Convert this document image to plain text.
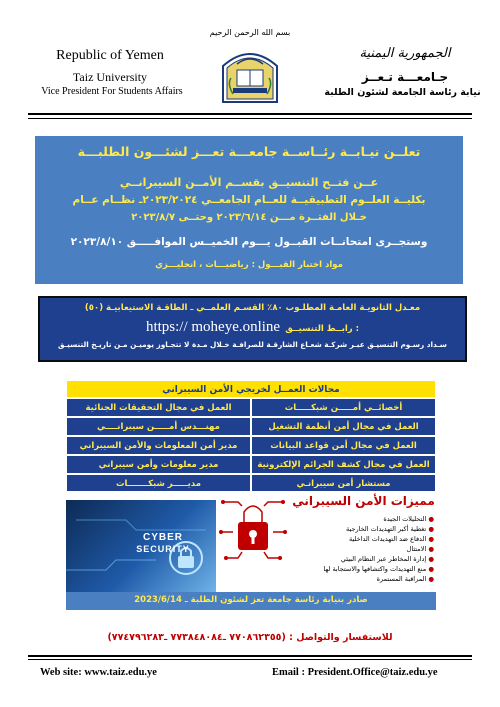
بسم الله الرحمن الرحيم
Republic of Yemen
Taiz University
Vice President For Students Affairs
الجمهورية اليمنية
جـامعـــة تـعــز
نيابة رئاسة الجامعة لشئون الطلبة
تعلــن نيـابــة رئــاســة جامعـــة تعـــز لشئـــون الطلبـــة
عــن فتــح التنسيــق بقســم الأمــن السيبرانــي
بكليــة العلــوم التطبيقيــة للعــام الجامعــي ٢٠٢٣/٢٠٢٤ـ نظــام عــام
خـلال الفتــرة مـــن ٢٠٢٣/٦/١٤ وحتــى ٢٠٢٣/٨/٧
وستجــرى امتحانــات القبــول يـــوم الخميــس الموافـــــق ٢٠٢٣/٨/١٠
مواد اختبار القبـــول : رياضيـــات ، انجليـــزي
معـدل الثانويـة العامـة المطلـوب ٨٠٪ القسـم العلمــي ـ الطاقـة الاستيعابيـة (٥٠)
https:// moheye.online رابــط التنسيــق :
سـداد رسـوم التنسيـق عبـر شركـة شعـاع الشارقـة للصرافـة خـلال مـدة لا تتجـاوز يوميـن مـن تاريـخ التنسيـق
مجالات العمــل لخريجي الأمن السيبراني
أخصائــي أمـــــن شبكـــــات
العمل في مجال التحقيقات الجنائية
العمل في مجال أمن أنظمة التشغيل
مهنـــدس أمـــــن سيبرانــــي
العمل في مجال أمن قواعد البيانات
مدير أمن المعلومات والأمن السيبراني
العمل في مجال كشف الجرائم الإلكترونية
مدير معلومات وأمن سيبراني
مستشار أمن سيبرانـي
مديـــــر شبكـــــــات
CYBER
SECURITY
مميزات الأمن السيبراني
● التحليلات الجيدة
● تغطية أكبر التهديدات الخارجية
● الدفاع ضد التهديدات الداخلية
● الامتثال
● إدارة المخاطر عبر النظام البيئي
● منع التهديدات واكتشافها والاستجابة لها
● المراقبة المستمرة
صادر بنيابة رئاسة جامعة تعز لشئون الطلبة ـ 2023/6/14
للاستفسار والتواصل : (٧٧٠٨٦٢٣٥٥ ـ٧٧٣٨٤٨٠٨٤ ـ٧٧٤٧٩٦٢٨٣)
Web site: www.taiz.edu.ye	Email : President.Office@taiz.edu.ye
